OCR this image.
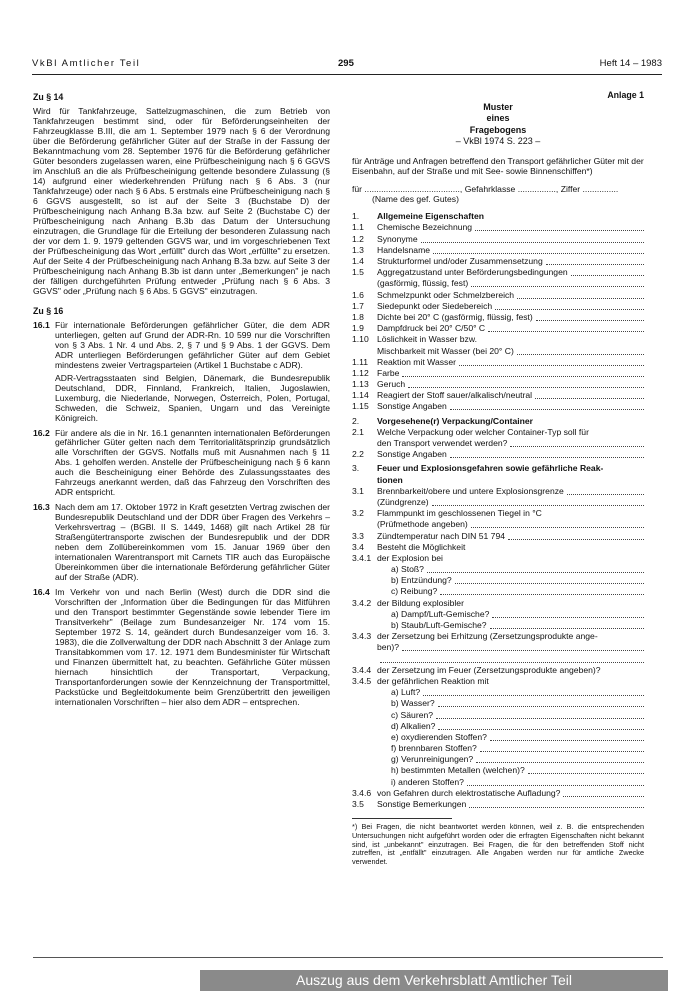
VkBl Amtlicher Teil	295	Heft 14 – 1983
Zu § 14

Wird für Tankfahrzeuge, Sattelzugmaschinen, die zum Betrieb von Tankfahrzeugen bestimmt sind, oder für Beförderungseinheiten der Fahrzeugklasse B.III, die am 1. September 1979 nach § 6 der Verordnung über die Beförderung gefährlicher Güter auf der Straße in der Fassung der Bekanntmachung vom 28. September 1976 für die Beförderung gefährlicher Güter besonders zugelassen waren, eine Prüfbescheinigung nach § 6 GGVS im Anschluß an die als Prüfbescheinigung geltende besondere Zulassung (§ 14) aufgrund einer wiederkehrenden Prüfung nach § 6 Abs. 3 (nur Tankfahrzeuge) oder nach § 6 Abs. 5 erstmals eine Prüfbescheinigung nach § 6 GGVS ausgestellt, so ist auf der Seite 3 (Buchstabe D) der Prüfbescheinigung nach Anhang B.3a bzw. auf Seite 2 (Buchstabe C) der Prüfbescheinigung nach Anhang B.3b das Datum der Untersuchung einzutragen, die Grundlage für die Erteilung der besonderen Zulassung nach der vor dem 1. 9. 1979 geltenden GGVS war, und im vorgeschriebenen Text der Prüfbescheinigung das Wort „erfüllt" durch das Wort „erfüllte" zu ersetzen. Auf der Seite 4 der Prüfbescheinigung nach Anhang B.3a bzw. auf Seite 3 der Prüfbescheinigung nach Anhang B.3b ist dann unter „Bemerkungen" je nach der fälligen durchgeführten Prüfung entweder „Prüfung nach § 6 Abs. 3 GGVS" oder „Prüfung nach § 6 Abs. 5 GGVS" einzutragen.

Zu § 16
16.1 Für internationale Beförderungen gefährlicher Güter, die dem ADR unterliegen, gelten auf Grund der ADR-Rn. 10 599 nur die Vorschriften von § 3 Abs. 1 Nr. 4 und Abs. 2, § 7 und § 9 Abs. 1 der GGVS. Dem ADR unterliegen Beförderungen gefährlicher Güter auf dem Gebiet mindestens zweier Vertragsparteien (Artikel 1 Buchstabe c ADR).

ADR-Vertragsstaaten sind Belgien, Dänemark, die Bundesrepublik Deutschland, DDR, Finnland, Frankreich, Italien, Jugoslawien, Luxemburg, die Niederlande, Norwegen, Österreich, Polen, Portugal, Schweden, die Schweiz, Spanien, Ungarn und das Vereinigte Königreich.

16.2 Für andere als die in Nr. 16.1 genannten internationalen Beförderungen gefährlicher Güter gelten nach dem Territorialitätsprinzip grundsätzlich alle Vorschriften der GGVS. Notfalls muß mit Ausnahmen nach § 11 Abs. 1 geholfen werden. Anstelle der Prüfbescheinigung nach § 6 kann auch die Bescheinigung einer Behörde des Zulassungsstaates des Fahrzeugs anerkannt werden, daß das Fahrzeug den Vorschriften des ADR entspricht.

16.3 Nach dem am 17. Oktober 1972 in Kraft gesetzten Vertrag zwischen der Bundesrepublik Deutschland und der DDR über Fragen des Verkehrs – Verkehrsvertrag – (BGBl. II S. 1449, 1468) gilt nach Artikel 28 für Straßengütertransporte zwischen der Bundesrepublik und der DDR neben dem Zollübereinkommen vom 15. Januar 1969 über den internationalen Warentransport mit Carnets TIR auch das Europäische Übereinkommen über die internationale Beförderung gefährlicher Güter auf der Straße (ADR).

16.4 Im Verkehr von und nach Berlin (West) durch die DDR sind die Vorschriften der „Information über die Bedingungen für das Mitführen und den Transport bestimmter Gegenstände sowie lebender Tiere im Transitverkehr" (Beilage zum Bundesanzeiger Nr. 174 vom 15. September 1972 S. 14, geändert durch Bundesanzeiger vom 16. 3. 1983), die die Zollverwaltung der DDR nach Abschnitt 3 der Anlage zum Transitabkommen vom 17. 12. 1971 dem Bundesminister für Wirtschaft und Finanzen übermittelt hat, zu beachten. Gefährliche Güter müssen hiernach hinsichtlich der Transportart, Verpackung, Transportanforderungen sowie der Kennzeichnung der Transportmittel, Packstücke und Begleitdokumente beim Grenzübertritt den jeweiligen internationalen Vorschriften – hier also dem ADR – entsprechen.

Anlage 1
Muster
eines
Fragebogens
– VkBl 1974 S. 223 –

für Anträge und Anfragen betreffend den Transport gefährlicher Güter mit der Eisenbahn, auf der Straße und mit See- sowie Binnenschiffen*)

für ........................................, Gefahrklasse ................, Ziffer ...............
(Name des gef. Gutes)
1.	Allgemeine Eigenschaften
1.1	Chemische Bezeichnung
1.2	Synonyme
1.3	Handelsname
1.4	Strukturformel und/oder Zusammensetzung
1.5	Aggregatzustand unter Beförderungsbedingungen
(gasförmig, flüssig, fest)
1.6	Schmelzpunkt oder Schmelzbereich
1.7	Siedepunkt oder Siedebereich
1.8	Dichte bei 20° C (gasförmig, flüssig, fest)
1.9	Dampfdruck bei 20° C/50° C
1.10 Löslichkeit in Wasser bzw.
Mischbarkeit mit Wasser (bei 20° C)
1.11	Reaktion mit Wasser
1.12 Farbe
1.13 Geruch
1.14 Reagiert der Stoff sauer/alkalisch/neutral
1.15 Sonstige Angaben
2.	Vorgesehene(r) Verpackung/Container
2.1	Welche Verpackung oder welcher Container-Typ soll für
den Transport verwendet werden?
2.2	Sonstige Angaben
3.	Feuer und Explosionsgefahren sowie gefährliche Reak-
tionen
3.1	Brennbarkeit/obere und untere Explosionsgrenze
(Zündgrenze)
3.2	Flammpunkt im geschlossenen Tiegel in °C
(Prüfmethode angeben)
3.3	Zündtemperatur nach DIN 51 794
3.4	Besteht die Möglichkeit
3.4.1 der Explosion bei
a) Stoß?
b) Entzündung?
c) Reibung?
3.4.2 der Bildung explosibler
a) Dampf/Luft-Gemische?
b) Staub/Luft-Gemische?
3.4.3 der Zersetzung bei Erhitzung (Zersetzungsprodukte ange-
ben)?
3.4.4 der Zersetzung im Feuer (Zersetzungsprodukte angeben)?
3.4.5 der gefährlichen Reaktion mit
a) Luft?
b) Wasser?
c) Säuren?
d) Alkalien?
e) oxydierenden Stoffen?
f) brennbaren Stoffen?
g) Verunreinigungen?
h) bestimmten Metallen (welchen)?
i) anderen Stoffen?
3.4.6 von Gefahren durch elektrostatische Aufladung?
3.5	Sonstige Bemerkungen
*) Bei Fragen, die nicht beantwortet werden können, weil z. B. die entsprechenden Untersuchungen nicht aufgeführt worden oder die erfragten Eigenschaften nicht bekannt sind, ist „unbekannt" einzutragen. Bei Fragen, die für den betreffenden Stoff nicht zutreffen, ist „entfällt" einzutragen. Alle Angaben werden nur für amtliche Zwecke verwendet.
Auszug aus dem Verkehrsblatt Amtlicher Teil
